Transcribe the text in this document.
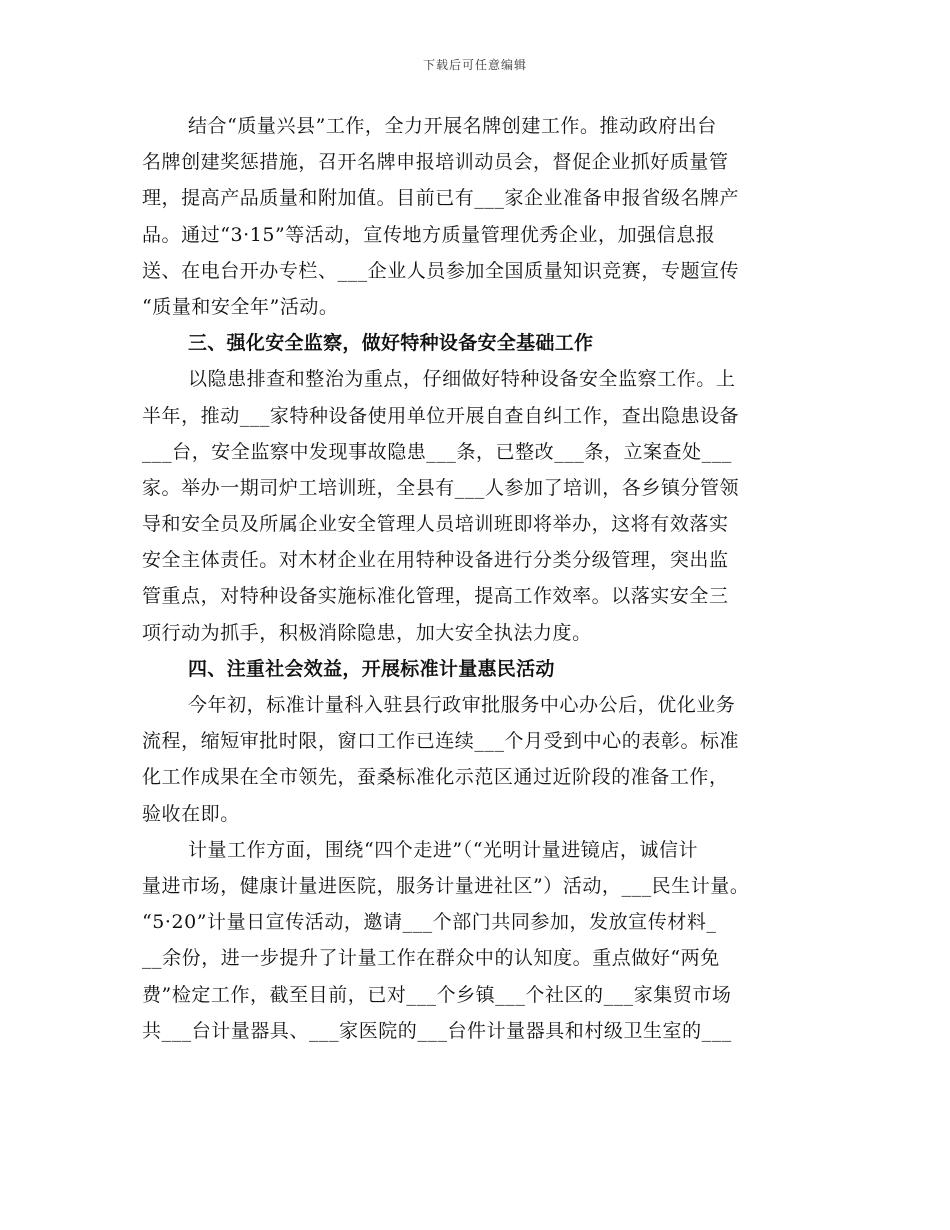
下载后可任意编辑
结合“质量兴县”工作，全力开展名牌创建工作。推动政府出台
名牌创建奖惩措施，召开名牌申报培训动员会，督促企业抓好质量管
理，提高产品质量和附加值。目前已有___家企业准备申报省级名牌产
品。通过“3·15”等活动，宣传地方质量管理优秀企业，加强信息报
送、在电台开办专栏、___企业人员参加全国质量知识竞赛，专题宣传
“质量和安全年”活动。
三、强化安全监察，做好特种设备安全基础工作
以隐患排查和整治为重点，仔细做好特种设备安全监察工作。上
半年，推动___家特种设备使用单位开展自查自纠工作，查出隐患设备
___台，安全监察中发现事故隐患___条，已整改___条，立案查处___
家。举办一期司炉工培训班，全县有___人参加了培训，各乡镇分管领
导和安全员及所属企业安全管理人员培训班即将举办，这将有效落实
安全主体责任。对木材企业在用特种设备进行分类分级管理，突出监
管重点，对特种设备实施标准化管理，提高工作效率。以落实安全三
项行动为抓手，积极消除隐患，加大安全执法力度。
四、注重社会效益，开展标准计量惠民活动
今年初，标准计量科入驻县行政审批服务中心办公后，优化业务
流程，缩短审批时限，窗口工作已连续___个月受到中心的表彰。标准
化工作成果在全市领先，蚕桑标准化示范区通过近阶段的准备工作，
验收在即。
计量工作方面，围绕“四个走进”（“光明计量进镜店，诚信计
量进市场，健康计量进医院，服务计量进社区”）活动，___民生计量。
“5·20”计量日宣传活动，邀请___个部门共同参加，发放宣传材料_
__余份，进一步提升了计量工作在群众中的认知度。重点做好“两免
费”检定工作，截至目前，已对___个乡镇___个社区的___家集贸市场
共___台计量器具、___家医院的___台件计量器具和村级卫生室的___
